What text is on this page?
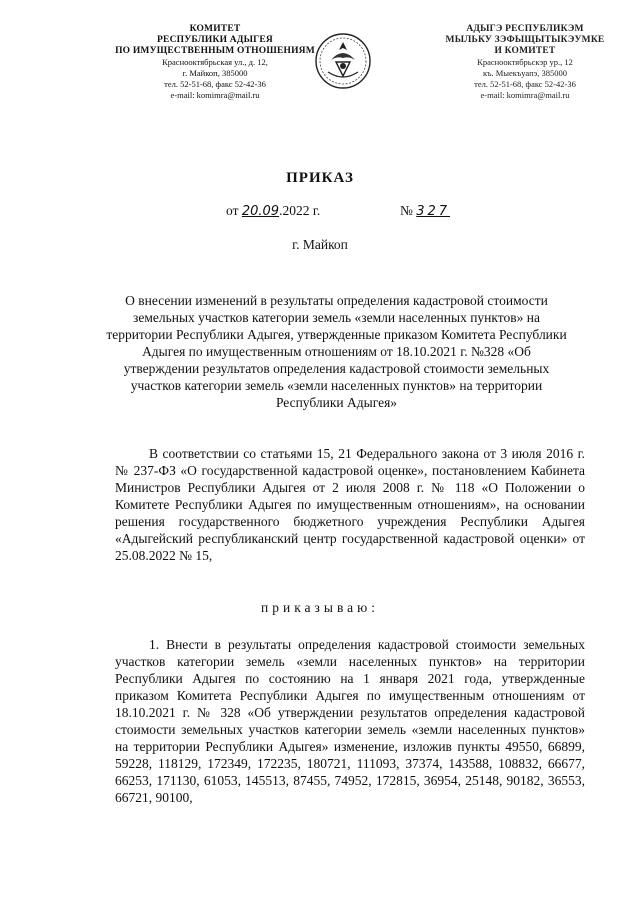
КОМИТЕТ
РЕСПУБЛИКИ АДЫГЕЯ
ПО ИМУЩЕСТВЕННЫМ ОТНОШЕНИЯМ
Краснооктябрьская ул., д. 12,
г. Майкоп, 385000
тел. 52-51-68, факс 52-42-36
e-mail: komimra@mail.ru
АДЫГЭ РЕСПУБЛИКЭМ
МЫЛЬКУ ЗЭФЫЩЫТЫКЭУМКЕ
И КОМИТЕТ
Краснооктябрьскэр ур., 12
къ. Мыекъуапэ, 385000
тел. 52-51-68, факс 52-42-36
e-mail: komimra@mail.ru
ПРИКАЗ
от 20.09.2022 г.	№ 327
г. Майкоп
О внесении изменений в результаты определения кадастровой стоимости земельных участков категории земель «земли населенных пунктов» на территории Республики Адыгея, утвержденные приказом Комитета Республики Адыгея по имущественным отношениям от 18.10.2021 г. №328 «Об утверждении результатов определения кадастровой стоимости земельных участков категории земель «земли населенных пунктов» на территории Республики Адыгея»
В соответствии со статьями 15, 21 Федерального закона от 3 июля 2016 г. № 237-ФЗ «О государственной кадастровой оценке», постановлением Кабинета Министров Республики Адыгея от 2 июля 2008 г. № 118 «О Положении о Комитете Республики Адыгея по имущественным отношениям», на основании решения государственного бюджетного учреждения Республики Адыгея «Адыгейский республиканский центр государственной кадастровой оценки» от 25.08.2022 № 15,
приказываю:
1. Внести в результаты определения кадастровой стоимости земельных участков категории земель «земли населенных пунктов» на территории Республики Адыгея по состоянию на 1 января 2021 года, утвержденные приказом Комитета Республики Адыгея по имущественным отношениям от 18.10.2021 г. № 328 «Об утверждении результатов определения кадастровой стоимости земельных участков категории земель «земли населенных пунктов» на территории Республики Адыгея» изменение, изложив пункты 49550, 66899, 59228, 118129, 172349, 172235, 180721, 111093, 37374, 143588, 108832, 66677, 66253, 171130, 61053, 145513, 87455, 74952, 172815, 36954, 25148, 90182, 36553, 66721, 90100,
